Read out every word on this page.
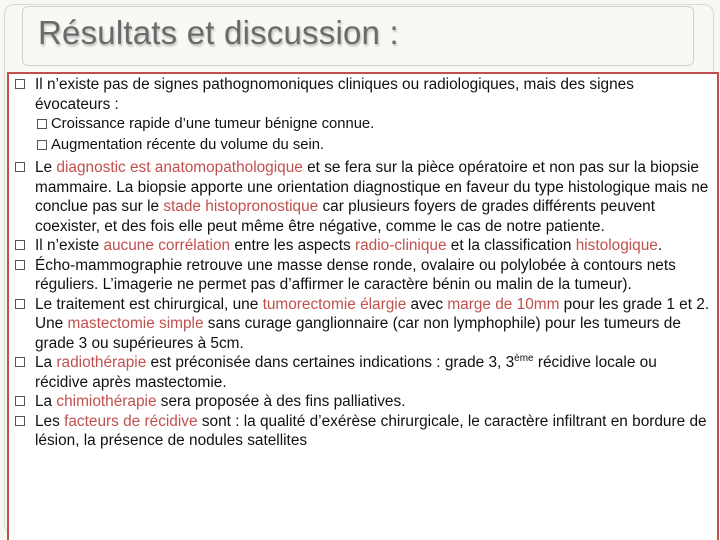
Résultats et discussion :

Il n’existe pas de signes pathognomoniques cliniques ou radiologiques, mais des signes évocateurs :

Croissance rapide d’une tumeur bénigne connue.

Augmentation récente du volume du sein.

Le diagnostic est anatomopathologique et se fera sur la pièce opératoire et non pas sur la biopsie mammaire. La biopsie apporte une orientation diagnostique en faveur du type histologique mais ne conclue pas sur le stade histopronostique car plusieurs foyers de grades différents peuvent coexister, et des fois elle peut même être négative, comme le cas de notre patiente.

Il n’existe aucune corrélation entre les aspects radio-clinique et la classification histologique.

Écho-mammographie retrouve une masse dense ronde, ovalaire ou polylobée à contours nets réguliers. L’imagerie ne permet pas d’affirmer le caractère bénin ou malin de la tumeur).

Le traitement est chirurgical, une tumorectomie élargie avec marge de 10mm pour les grade 1 et 2. Une mastectomie simple sans curage ganglionnaire (car non lymphophile) pour les tumeurs de grade 3 ou supérieures à 5cm.

La radiothérapie est préconisée dans certaines indications : grade 3, 3ème récidive locale ou récidive après mastectomie.

La chimiothérapie sera proposée à des fins palliatives.

Les facteurs de récidive sont : la qualité d’exérèse chirurgicale, le caractère infiltrant en bordure de lésion, la présence de nodules satellites
